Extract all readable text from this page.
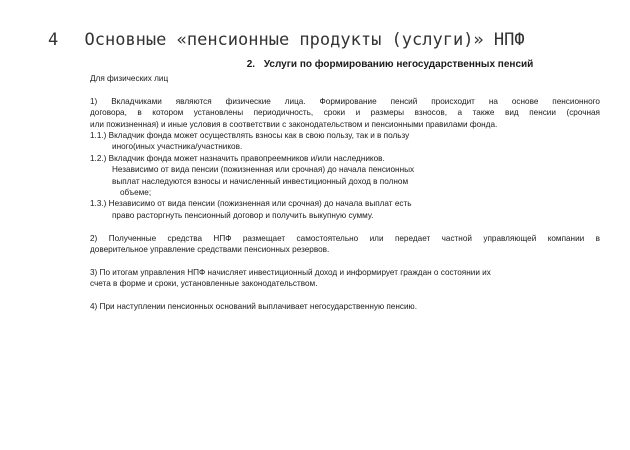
4 Основные «пенсионные продукты (услуги)» НПФ
2. Услуги по формированию негосударственных пенсий
Для физических лиц
1) Вкладчиками являются физические лица. Формирование пенсий происходит на основе пенсионного
договора, в котором установлены периодичность, сроки и размеры взносов, а также вид пенсии (срочная
или пожизненная) и иные условия в соответствии с законодательством и пенсионными правилами фонда.
1.1.) Вкладчик фонда может осуществлять взносы как в свою пользу, так и в пользу
иного(иных участника/участников.
1.2.) Вкладчик фонда может назначить правопреемников и/или наследников.
Независимо от вида пенсии (пожизненная или срочная) до начала пенсионных
выплат наследуются взносы и начисленный инвестиционный доход в полном
объеме;
1.3.) Независимо от вида пенсии (пожизненная или срочная) до начала выплат есть
право расторгнуть пенсионный договор и получить выкупную сумму.
2) Полученные средства НПФ размещает самостоятельно или передает частной управляющей компании в
доверительное управление средствами пенсионных резервов.
3) По итогам управления НПФ начисляет инвестиционный доход и информирует граждан о состоянии их
счета в форме и сроки, установленные законодательством.
4) При наступлении пенсионных оснований выплачивает негосударственную пенсию.
